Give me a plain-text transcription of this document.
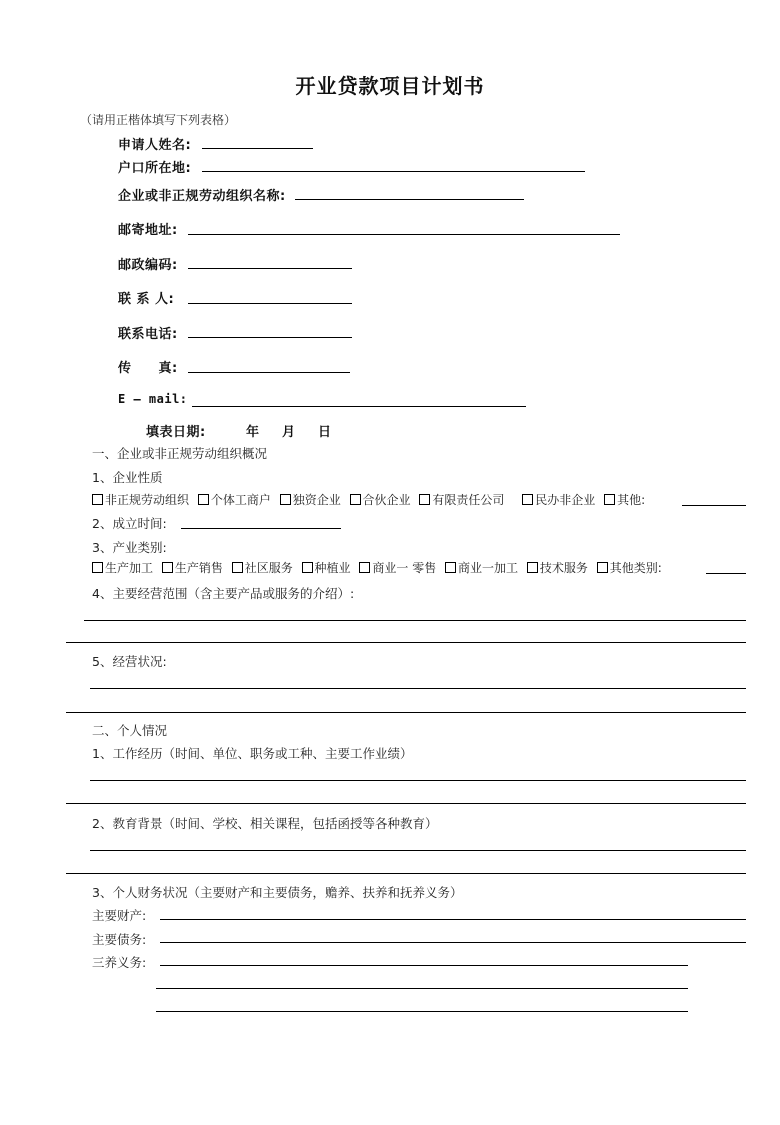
开业贷款项目计划书
（请用正楷体填写下列表格）
申请人姓名:
户口所在地:
企业或非正规劳动组织名称:
邮寄地址:
邮政编码:
联 系 人:
联系电话:
传　　真:
E — mail:
填表日期:	年 月 日
一、企业或非正规劳动组织概况
1、企业性质
非正规劳动组织 个体工商户 独资企业 合伙企业 有限责任公司	民办非企业 其他:
2、成立时间:
3、产业类别:
生产加工 生产销售 社区服务 种植业 商业一 零售 商业一加工 技术服务 其他类别:
4、主要经营范围（含主要产品或服务的介绍）:
5、经营状况:
二、个人情况
1、工作经历（时间、单位、职务或工种、主要工作业绩）
2、教育背景（时间、学校、相关课程，包括函授等各种教育）
3、个人财务状况（主要财产和主要债务，赡养、扶养和抚养义务）
主要财产:
主要债务:
三养义务:
